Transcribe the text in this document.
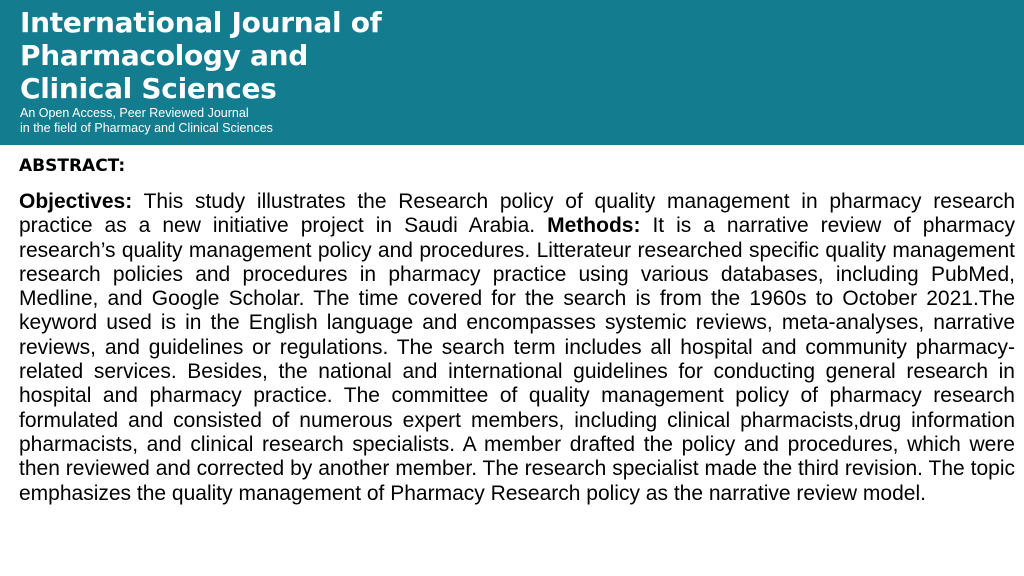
International Journal of
Pharmacology and
Clinical Sciences
An Open Access, Peer Reviewed Journal
in the field of Pharmacy and Clinical Sciences
ABSTRACT:

Objectives: This study illustrates the Research policy of quality management in pharmacy research practice as a new initiative project in Saudi Arabia. Methods: It is a narrative review of pharmacy research’s quality management policy and procedures. Litterateur researched specific quality management research policies and procedures in pharmacy practice using various databases, including PubMed, Medline, and Google Scholar. The time covered for the search is from the 1960s to October 2021.The keyword used is in the English language and encompasses systemic reviews, meta-analyses, narrative reviews, and guidelines or regulations. The search term includes all hospital and community pharmacy-related services. Besides, the national and international guidelines for conducting general research in hospital and pharmacy practice. The committee of quality management policy of pharmacy research formulated and consisted of numerous expert members, including clinical pharmacists,drug information pharmacists, and clinical research specialists. A member drafted the policy and procedures, which were then reviewed and corrected by another member. The research specialist made the third revision. The topic emphasizes the quality management of Pharmacy Research policy as the narrative review model.
